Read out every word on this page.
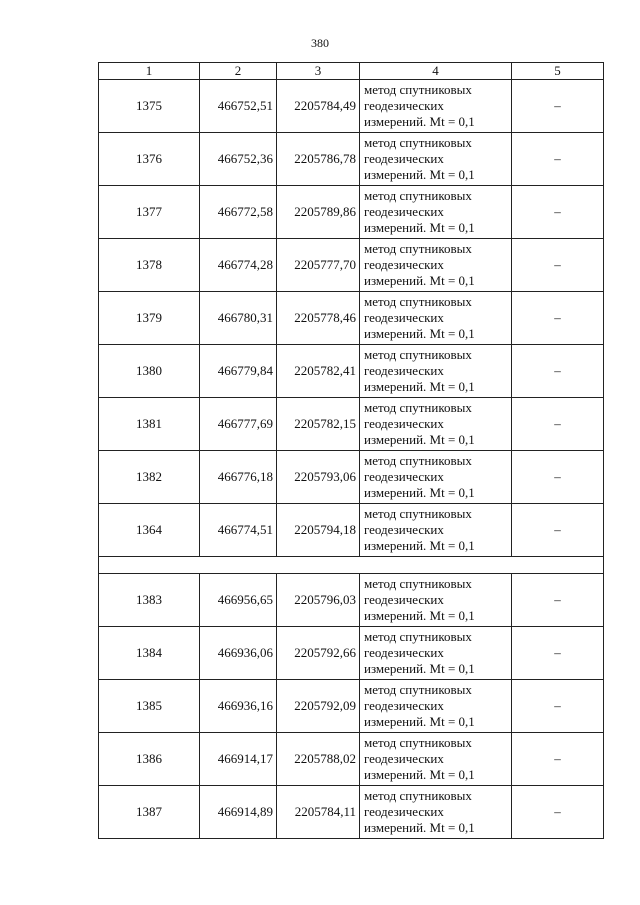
380
1	2	3	4	5
1375	466752,51	2205784,49	метод спутниковых
геодезических
измерений. Mt = 0,1	–
1376	466752,36	2205786,78	метод спутниковых
геодезических
измерений. Mt = 0,1	–
1377	466772,58	2205789,86	метод спутниковых
геодезических
измерений. Mt = 0,1	–
1378	466774,28	2205777,70	метод спутниковых
геодезических
измерений. Mt = 0,1	–
1379	466780,31	2205778,46	метод спутниковых
геодезических
измерений. Mt = 0,1	–
1380	466779,84	2205782,41	метод спутниковых
геодезических
измерений. Mt = 0,1	–
1381	466777,69	2205782,15	метод спутниковых
геодезических
измерений. Mt = 0,1	–
1382	466776,18	2205793,06	метод спутниковых
геодезических
измерений. Mt = 0,1	–
1364	466774,51	2205794,18	метод спутниковых
геодезических
измерений. Mt = 0,1	–

1383	466956,65	2205796,03	метод спутниковых
геодезических
измерений. Mt = 0,1	–
1384	466936,06	2205792,66	метод спутниковых
геодезических
измерений. Mt = 0,1	–
1385	466936,16	2205792,09	метод спутниковых
геодезических
измерений. Mt = 0,1	–
1386	466914,17	2205788,02	метод спутниковых
геодезических
измерений. Mt = 0,1	–
1387	466914,89	2205784,11	метод спутниковых
геодезических
измерений. Mt = 0,1	–
